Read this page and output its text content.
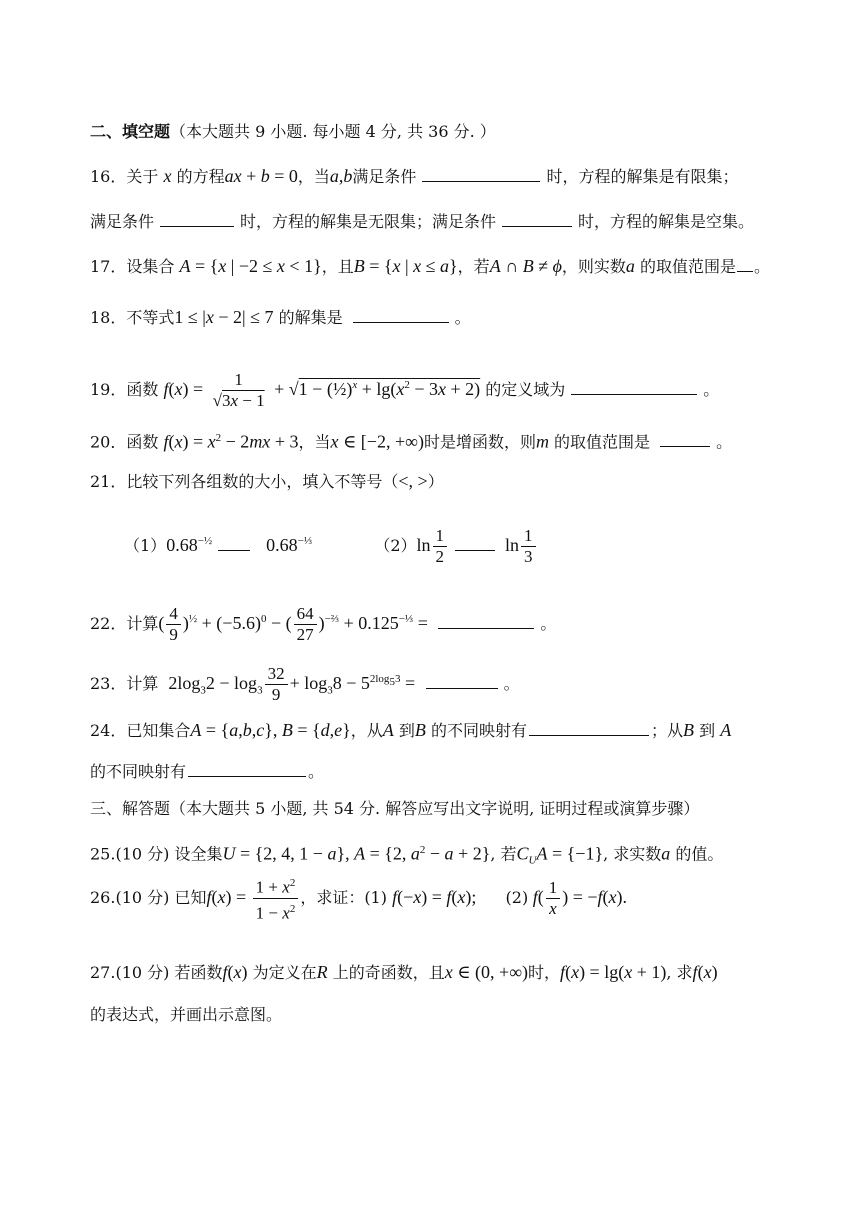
二、填空题（本大题共 9 小题. 每小题 4 分, 共 36 分. ）
16．关于 x 的方程ax + b = 0，当a,b满足条件	时，方程的解集是有限集；
满足条件	时，方程的解集是无限集；满足条件	时，方程的解集是空集。
17．设集合 A = {x | −2 ≤ x < 1}，且B = {x | x ≤ a}，若A ∩ B ≠ ϕ，则实数a 的取值范围是 。
18．不等式1 ≤ |x − 2| ≤ 7 的解集是	。
19．函数 $f(x) = \frac{1}{√3x - 1} + √1$ − (½)$^x$ + $\lg(x^2 - 3x + 2)$ 的定义域为	。
20．函数 $f(x) = x^2 - 2mx + 3$，当x ∈ [−2, +∞)时是增函数，则m 的取值范围是	。
21．比较下列各组数的大小，填入不等号（<, >）
$(1)0.68^{-\frac{1}{2}}$	$0.68^{-\frac{1}{3}}$	$(2)\ln \frac{1}{2}$	$\ln \frac{1}{3}$
22．计算( $\frac{4}{9} )^{\frac{1}{2}} + (-5.6)^0$ − ( $\frac{64}{27} )^{-\frac{2}{3}} + 0.125^{-\frac{1}{3}}$ =	。
23．计算 $2\log_32 - \log_3 \frac{32}{9} + \log_38 - 5^{2log_53}$ =	。
24．已知集合A = {a,b,c}, B = {d,e}，从A 到B 的不同映射有	；从B 到 A
的不同映射有	。
三、解答题（本大题共 5 小题, 共 54 分. 解答应写出文字说明, 证明过程或演算步骤）
25.(10 分) 设全集U = {2, 4, 1 − a}, A = {2, $a^2 - a + 2$}, 若$C_UA = \{-1\}$, 求实数a 的值。
26.(10 分) 已知$f(x) = \frac{1 + x^2}{1 - x^2}$ ，求证：(1) f(−x) = f(x); (2) $f( \frac{1}{x}$ ) = −f(x).
27.(10 分) 若函数f(x) 为定义在R 上的奇函数，且x ∈ (0, +∞)时，f(x) = lg(x + 1), 求f(x)
的表达式，并画出示意图。
